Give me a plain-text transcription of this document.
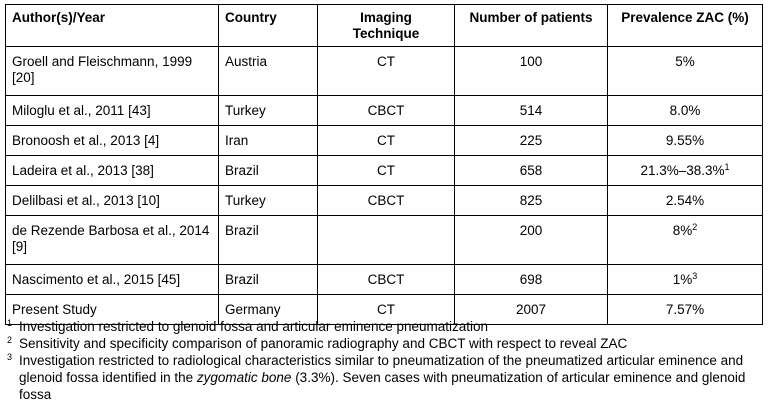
Author(s)/Year	Country	Imaging Technique	Number of patients	Prevalence ZAC (%)
Groell and Fleischmann, 1999 [20]	Austria	CT	100	5%
Miloglu et al., 2011 [43]	Turkey	CBCT	514	8.0%
Bronoosh et al., 2013 [4]	Iran	CT	225	9.55%
Ladeira et al., 2013 [38]	Brazil	CT	658	21.3%–38.3%$^1$
Delilbasi et al., 2013 [10]	Turkey	CBCT	825	2.54%
de Rezende Barbosa et al., 2014 [9]	Brazil		200	8%$^2$
Nascimento et al., 2015 [45]	Brazil	CBCT	698	1%$^3$
Present Study	Germany	CT	2007	7.57%
1 Investigation restricted to glenoid fossa and articular eminence pneumatization
2 Sensitivity and specificity comparison of panoramic radiography and CBCT with respect to reveal ZAC
3 Investigation restricted to radiological characteristics similar to pneumatization of the pneumatized articular eminence and glenoid fossa identified in the zygomatic bone (3.3%). Seven cases with pneumatization of articular eminence and glenoid fossa
